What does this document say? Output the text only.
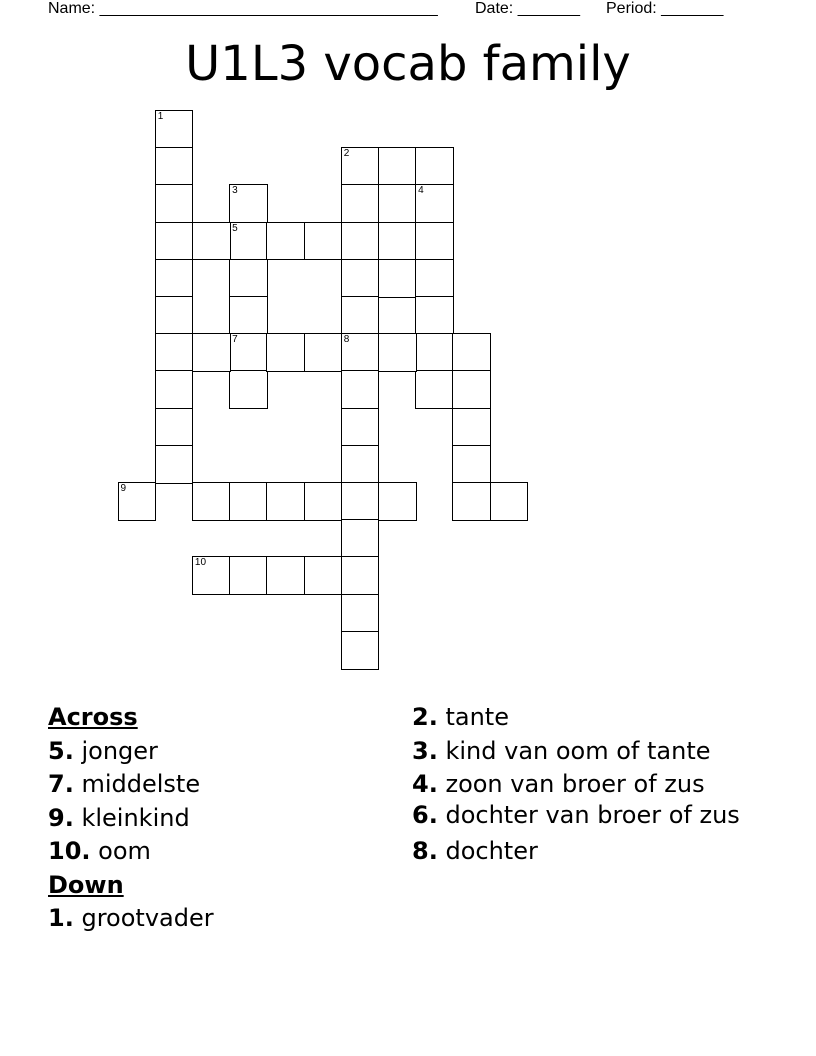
Name: ______________________________________

Date: _______

Period: _______

U1L3 vocab family
1
3
5
7
2
8
4
9
10
Across
5. jonger
7. middelste
9. kleinkind
10. oom
Down
1. grootvader
2. tante
3. kind van oom of tante
4. zoon van broer of zus
6. dochter van broer of zus
8. dochter
